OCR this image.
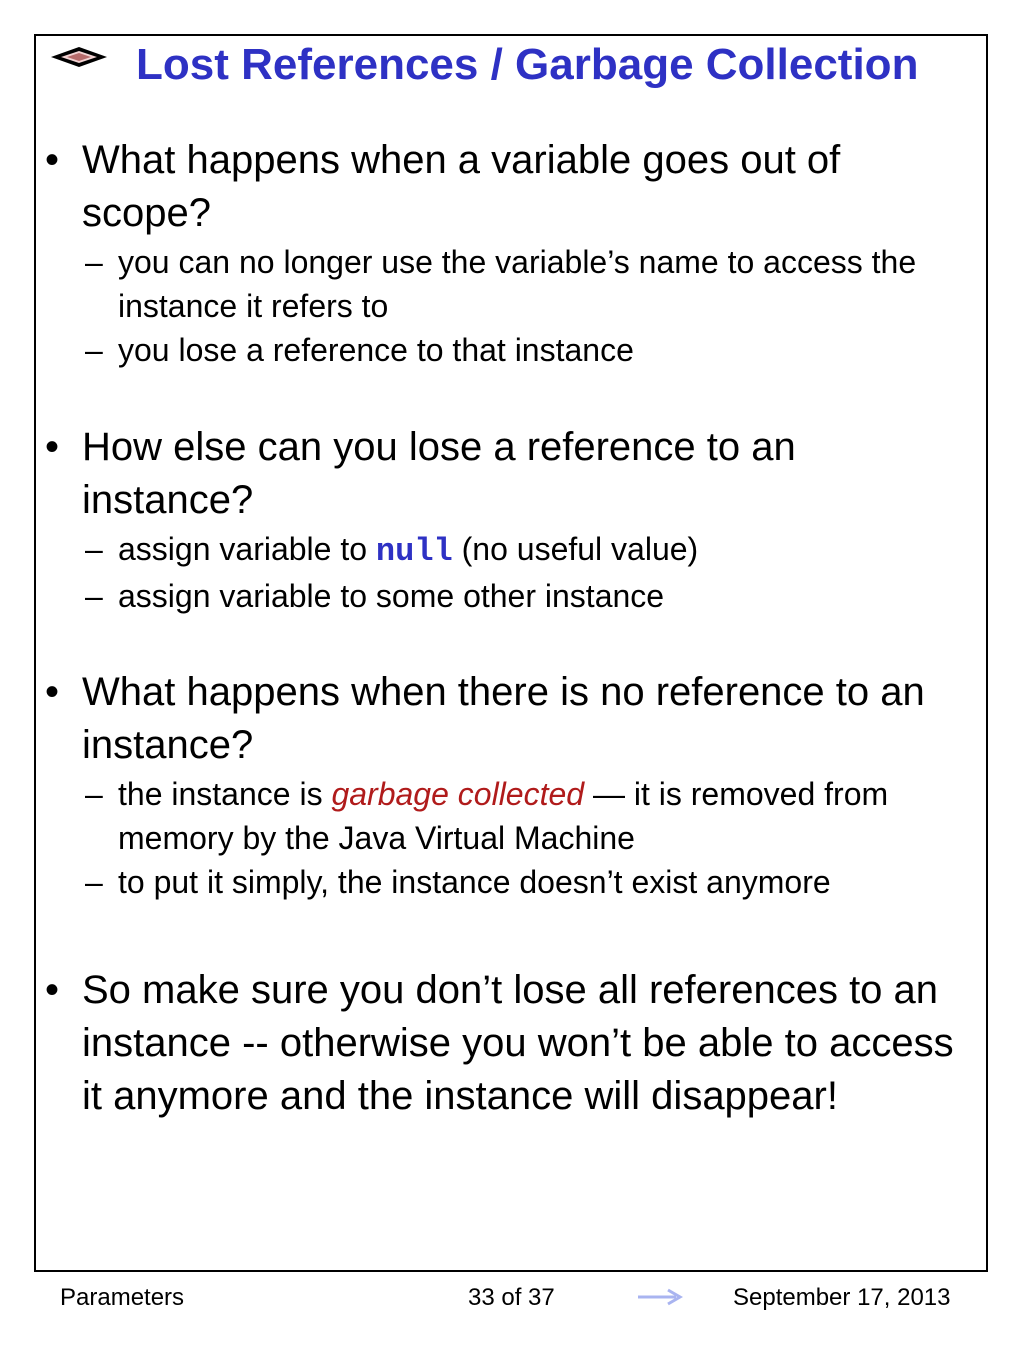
Lost References / Garbage Collection
• What happens when a variable goes out of scope?
– you can no longer use the variable’s name to access the instance it refers to
– you lose a reference to that instance
• How else can you lose a reference to an instance?
– assign variable to null (no useful value)
– assign variable to some other instance
• What happens when there is no reference to an instance?
– the instance is garbage collected — it is removed from memory by the Java Virtual Machine
– to put it simply, the instance doesn’t exist anymore
• So make sure you don’t lose all references to an instance -- otherwise you won’t be able to access it anymore and the instance will disappear!
Parameters	33 of 37	September 17, 2013
